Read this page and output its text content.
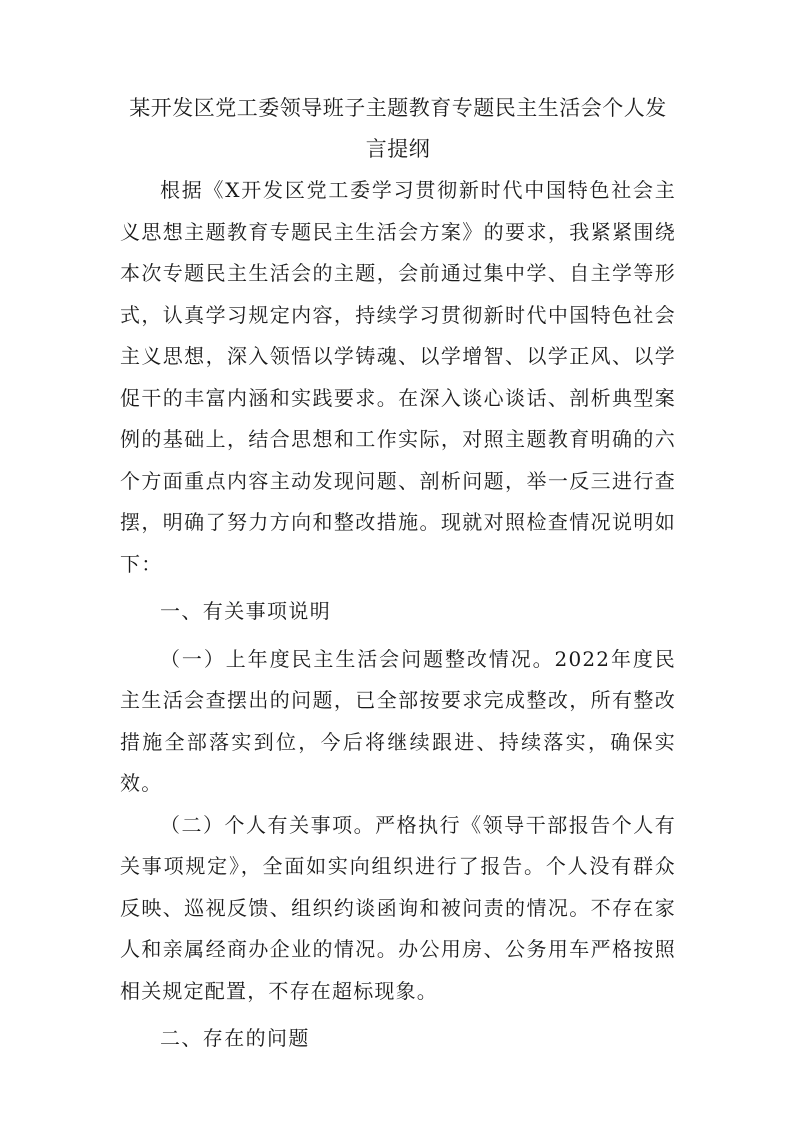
某开发区党工委领导班子主题教育专题民主生活会个人发言提纲

根据《X开发区党工委学习贯彻新时代中国特色社会主义思想主题教育专题民主生活会方案》的要求，我紧紧围绕本次专题民主生活会的主题，会前通过集中学、自主学等形式，认真学习规定内容，持续学习贯彻新时代中国特色社会主义思想，深入领悟以学铸魂、以学增智、以学正风、以学促干的丰富内涵和实践要求。在深入谈心谈话、剖析典型案例的基础上，结合思想和工作实际，对照主题教育明确的六个方面重点内容主动发现问题、剖析问题，举一反三进行查摆，明确了努力方向和整改措施。现就对照检查情况说明如下：

一、有关事项说明

（一）上年度民主生活会问题整改情况。2022年度民主生活会查摆出的问题，已全部按要求完成整改，所有整改措施全部落实到位，今后将继续跟进、持续落实，确保实效。

（二）个人有关事项。严格执行《领导干部报告个人有关事项规定》，全面如实向组织进行了报告。个人没有群众反映、巡视反馈、组织约谈函询和被问责的情况。不存在家人和亲属经商办企业的情况。办公用房、公务用车严格按照相关规定配置，不存在超标现象。

二、存在的问题
